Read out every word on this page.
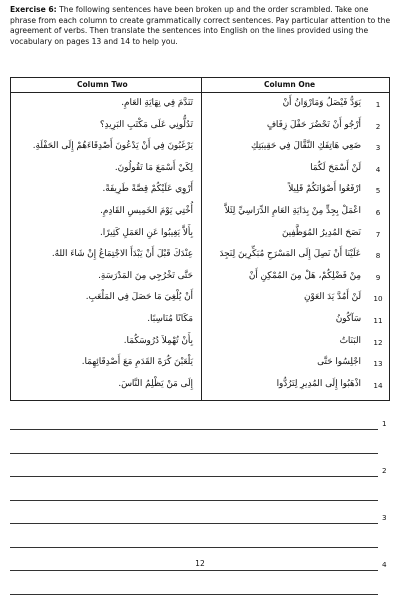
Exercise 6: The following sentences have been broken up and the order scrambled. Take one phrase from each column to create grammatically correct sentences. Pay particular attention to the agreement of verbs. Then translate the sentences into English on the lines provided using the vocabulary on pages 13 and 14 to help you.
Column Two	Column One
1
يَوَدُّ فَيْصَلُ وَمَارْوَانُ أَنْ
تَنَدَّمَ فِي نِهَايَةِ العَامِ.
2
أَرْجُو أَنْ تَحْضُرَ حَفْلَ زِفَافٍ
تَدُلُّونِي عَلَى مَكْتَبِ البَرِيدِ؟
3
ضَعِي هَاتِفَكِ النَّقَّالَ فِي حَقِيبَتِكِ
يَرْغَبُونَ فِي أَنْ يَدْعُونَ أَصْدِقَاءَهُمْ إِلَى الحَفْلَةِ.
4
لَنْ أَسْمَحَ لَكُمَا
لِكَيْ أَسْمَعَ مَا تَقُولُونَ.
5
ارْفَعُوا أَصْوَاتَكُمْ قَلِيلاً
أَرْوِي عَلَيْكُمْ قِصَّةً طَرِيفَةً.
6
اعْمَلْ بِجِدٍّ مِنْ بِدَايَةِ العَامِ الدِّرَاسِيِّ لِئَلاَّ
أُخْتِي يَوْمَ الخَمِيسِ القَادِمِ.
7
نَصَحَ المُدِيرُ المُوَظَّفِينَ
بِأَلاَّ يَغِيبُوا عَنِ العَمَلِ كَثِيرًا.
8
عَلَيْنَا أَنْ نَصِلَ إِلَى المَسْرَحِ مُبَكِّرِينَ لِنَجِدَ
عِنْدَكَ قَبْلَ أَنْ يَبْدَأَ الاجْتِمَاعُ إِنْ شَاءَ اللهُ.
9
مِنْ فَضْلِكُمْ، هَلْ مِنَ المُمْكِنِ أَنْ
حَتَّى تَخْرُجِي مِنَ المَدْرَسَةِ.
10
لَنْ أَمُدَّ يَدَ العَوْنِ
أَنْ يُلْغِيَ مَا حَصَلَ فِي المَلْعَبِ.
11
سَآكُونُ
مَكَانًا مُنَاسِبًا.
12
البَنَاتُ
بِأَنْ تُهْمِلاَ دُرُوسَكُمَا.
13
اجْلِسُوا حَتَّى
يَلْعَبْنَ كُرَةَ القَدَمِ مَعَ أَصْدِقَائِهِمَا.
14
اذْهَبُوا إِلَى المُدِيرِ لِتَرُدُّوا
إِلَى مَنْ يَظْلِمُ النَّاسَ.
1
2
3
4
12
